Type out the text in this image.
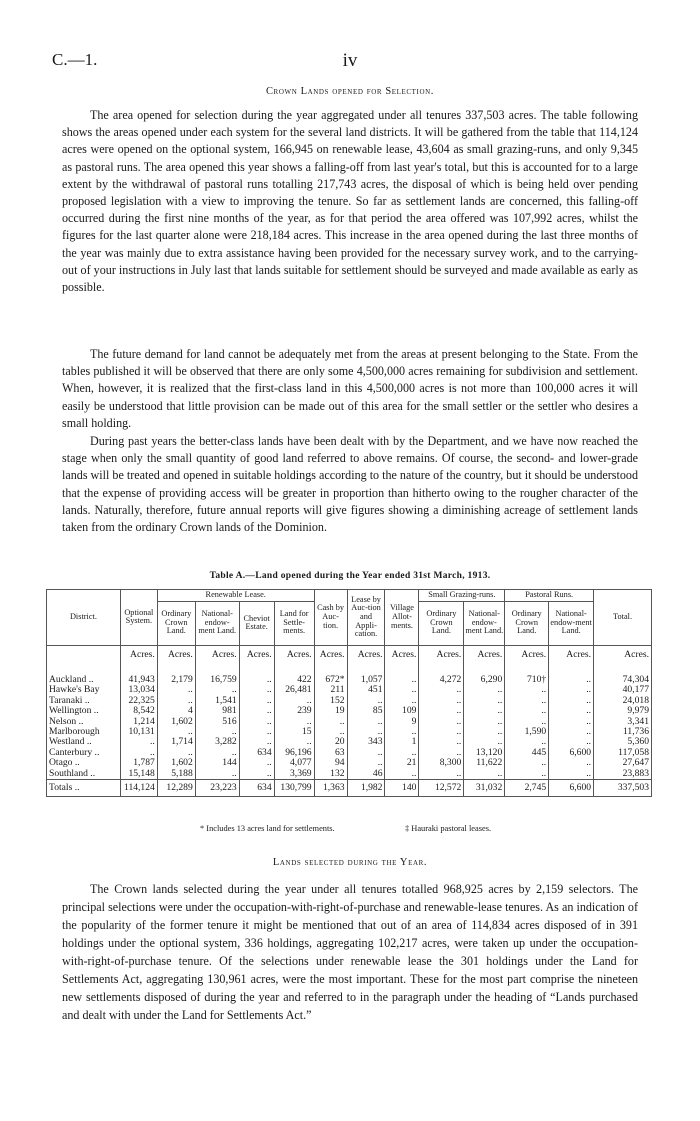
C.—1.	iv
Crown Lands opened for Selection.

The area opened for selection during the year aggregated under all tenures 337,503 acres. The table following shows the areas opened under each system for the several land districts. It will be gathered from the table that 114,124 acres were opened on the optional system, 166,945 on renewable lease, 43,604 as small grazing-runs, and only 9,345 as pastoral runs. The area opened this year shows a falling-off from last year's total, but this is accounted for to a large extent by the withdrawal of pastoral runs totalling 217,743 acres, the disposal of which is being held over pending proposed legislation with a view to improving the tenure. So far as settlement lands are concerned, this falling-off occurred during the first nine months of the year, as for that period the area offered was 107,992 acres, whilst the figures for the last quarter alone were 218,184 acres. This increase in the area opened during the last three months of the year was mainly due to extra assistance having been provided for the necessary survey work, and to the carrying-out of your instructions in July last that lands suitable for settlement should be surveyed and made available as early as possible.

The future demand for land cannot be adequately met from the areas at present belonging to the State. From the tables published it will be observed that there are only some 4,500,000 acres remaining for subdivision and settlement. When, however, it is realized that the first-class land in this 4,500,000 acres is not more than 100,000 acres it will easily be understood that little provision can be made out of this area for the small settler or the settler who desires a small holding.

During past years the better-class lands have been dealt with by the Department, and we have now reached the stage when only the small quantity of good land referred to above remains. Of course, the second- and lower-grade lands will be treated and opened in suitable holdings according to the nature of the country, but it should be understood that the expense of providing access will be greater in proportion than hitherto owing to the rougher character of the lands. Naturally, therefore, future annual reports will give figures showing a diminishing acreage of settlement lands taken from the ordinary Crown lands of the Dominion.

Table A.—Land opened during the Year ended 31st March, 1913.
District.	Optional System.	Renewable Lease.				Cash by Auc-tion.	Lease by Auc-tion and Appli-cation.	Village Allot-ments.	Small Grazing-runs.		Pastoral Runs.		Total.
		Ordinary Crown Land.	National-endow-ment Land.	Cheviot Estate.	Land for Settle-ments.				Ordinary Crown Land.	National-endow-ment Land.	Ordinary Crown Land.	National-endow-ment Land.	
	Acres.	Acres.	Acres.	Acres.	Acres.	Acres.	Acres.	Acres.	Acres.	Acres.	Acres.	Acres.	Acres.

Auckland ..	41,943	2,179	16,759	..	422	672*	1,057	..	4,272	6,290	710†	..	74,304
Hawke's Bay	13,034	..	..	..	26,481	211	451	..	..	..	..	..	40,177
Taranaki ..	22,325	..	1,541	..	..	152	..	..	..	..	..	..	24,018
Wellington ..	8,542	4	981	..	239	19	85	109	..	..	..	..	9,979
Nelson ..	1,214	1,602	516	..	..	..	..	9	..	..	..	..	3,341
Marlborough	10,131	..	..	..	15	..	..	..	..	..	1,590	..	11,736
Westland ..	..	1,714	3,282	..	..	20	343	1	..	..	..	..	5,360
Canterbury ..	..	..	..	634	96,196	63	..	..	..	13,120	445	6,600	117,058
Otago ..	1,787	1,602	144	..	4,077	94	..	21	8,300	11,622	..	..	27,647
Southland ..	15,148	5,188	..	..	3,369	132	46	..	..	..	..	..	23,883
Totals ..	114,124	12,289	23,223	634	130,799	1,363	1,982	140	12,572	31,032	2,745	6,600	337,503
* Includes 13 acres land for settlements.	‡ Hauraki pastoral leases.
Lands selected during the Year.

The Crown lands selected during the year under all tenures totalled 968,925 acres by 2,159 selectors. The principal selections were under the occupation-with-right-of-purchase and renewable-lease tenures. As an indication of the popularity of the former tenure it might be mentioned that out of an area of 114,834 acres disposed of in 391 holdings under the optional system, 336 holdings, aggregating 102,217 acres, were taken up under the occupation-with-right-of-purchase tenure. Of the selections under renewable lease the 301 holdings under the Land for Settlements Act, aggregating 130,961 acres, were the most important. These for the most part comprise the nineteen new settlements disposed of during the year and referred to in the paragraph under the heading of “Lands purchased and dealt with under the Land for Settlements Act.”
